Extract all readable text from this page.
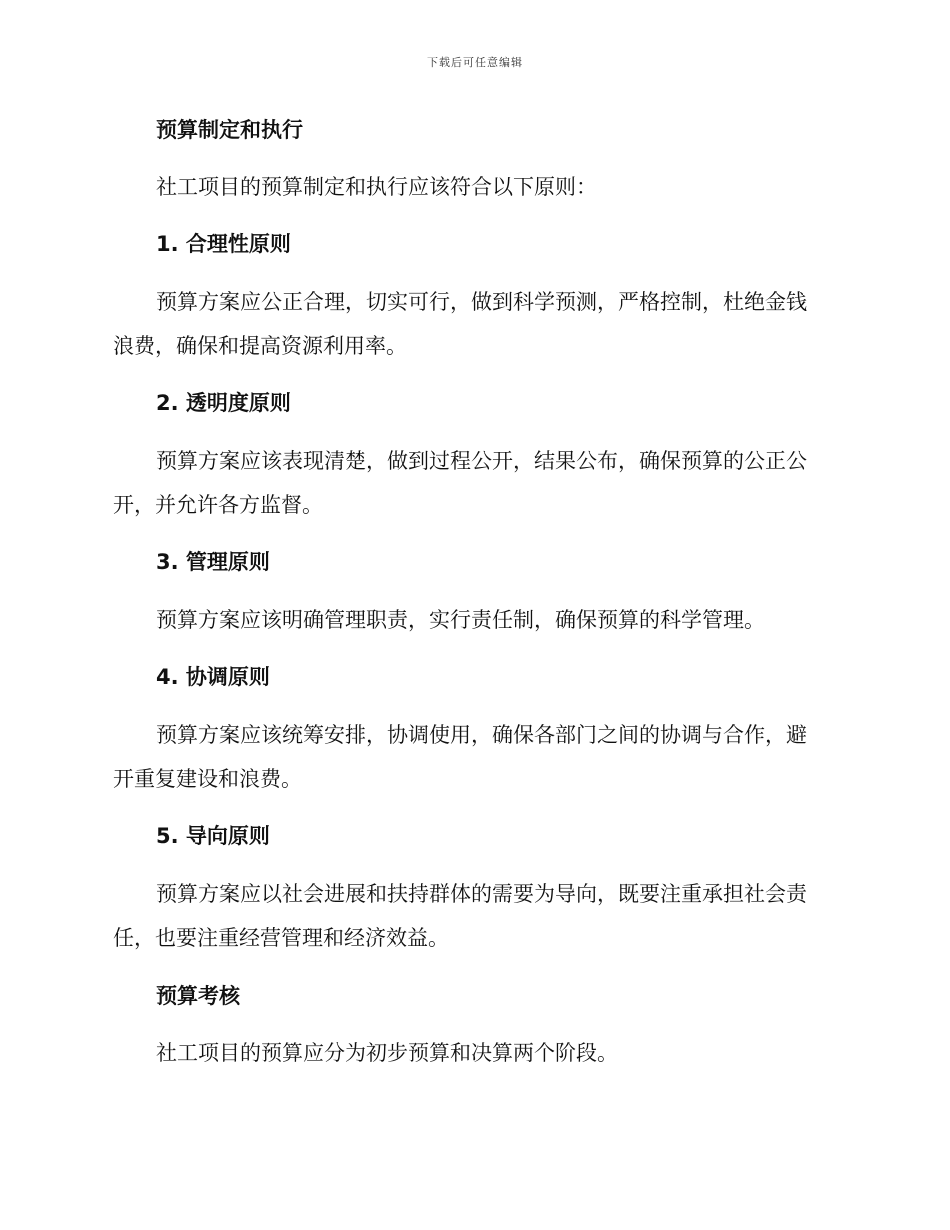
下载后可任意编辑
预算制定和执行
社工项目的预算制定和执行应该符合以下原则：
1. 合理性原则
预算方案应公正合理，切实可行，做到科学预测，严格控制，杜绝金钱
浪费，确保和提高资源利用率。
2. 透明度原则
预算方案应该表现清楚，做到过程公开，结果公布，确保预算的公正公
开，并允许各方监督。
3. 管理原则
预算方案应该明确管理职责，实行责任制，确保预算的科学管理。
4. 协调原则
预算方案应该统筹安排，协调使用，确保各部门之间的协调与合作，避
开重复建设和浪费。
5. 导向原则
预算方案应以社会进展和扶持群体的需要为导向，既要注重承担社会责
任，也要注重经营管理和经济效益。
预算考核
社工项目的预算应分为初步预算和决算两个阶段。
